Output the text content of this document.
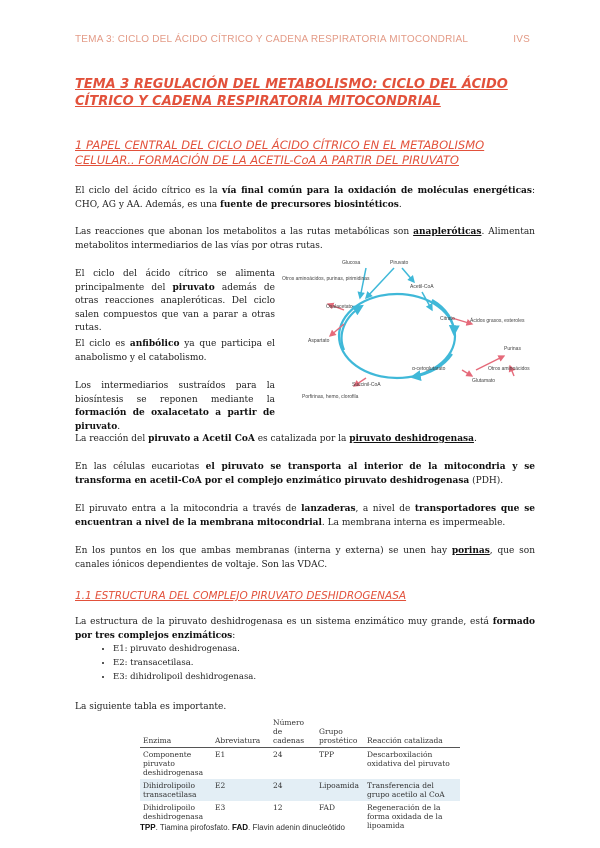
TEMA 3: CICLO DEL ÁCIDO CÍTRICO Y CADENA RESPIRATORIA MITOCONDRIAL	IVS
TEMA 3 REGULACIÓN DEL METABOLISMO: CICLO DEL ÁCIDO CÍTRICO Y CADENA RESPIRATORIA MITOCONDRIAL
1 PAPEL CENTRAL DEL CICLO DEL ÁCIDO CÍTRICO EN EL METABOLISMO CELULAR.. FORMACIÓN DE LA ACETIL-CoA A PARTIR DEL PIRUVATO
El ciclo del ácido cítrico es la vía final común para la oxidación de moléculas energéticas: CHO, AG y AA. Además, es una fuente de precursores biosintéticos.
Las reacciones que abonan los metabolitos a las rutas metabólicas son anapleróticas. Alimentan metabolitos intermediarios de las vías por otras rutas.
El ciclo del ácido cítrico se alimenta principalmente del piruvato además de otras reacciones anapleróticas. Del ciclo salen compuestos que van a parar a otras rutas.
El ciclo es anfibólico ya que participa el anabolismo y el catabolismo.
Los intermediarios sustraídos para la biosíntesis se reponen mediante la formación de oxalacetato a partir de piruvato.
Glucosa	Piruvato
Acetil-CoA
Otros aminoácidos, purinas, pirimidinas
Oxalacetato
Aspartato
Citrato	Ácidos grasos, esteroles
α-cetoglutarato
Glutamato
Purinas
Otros aminoácidos
Succinil-CoA
Porfirinas, hemo, clorofila
La reacción del piruvato a Acetil CoA es catalizada por la piruvato deshidrogenasa.
En las células eucariotas el piruvato se transporta al interior de la mitocondria y se transforma en acetil-CoA por el complejo enzimático piruvato deshidrogenasa (PDH).
El piruvato entra a la mitocondria a través de lanzaderas, a nivel de transportadores que se encuentran a nivel de la membrana mitocondrial. La membrana interna es impermeable.
En los puntos en los que ambas membranas (interna y externa) se unen hay porinas, que son canales iónicos dependientes de voltaje. Son las VDAC.
1.1 ESTRUCTURA DEL COMPLEJO PIRUVATO DESHIDROGENASA
La estructura de la piruvato deshidrogenasa es un sistema enzimático muy grande, está formado por tres complejos enzimáticos:
• E1: piruvato deshidrogenasa.
• E2: transacetilasa.
• E3: dihidrolipoil deshidrogenasa.
La siguiente tabla es importante.
Enzima	Abreviatura	Número de cadenas	Grupo prostético	Reacción catalizada
Componente piruvato deshidrogenasa	E1	24	TPP	Descarboxilación oxidativa del piruvato
Dihidrolipoilo transacetilasa	E2	24	Lipoamida	Transferencia del grupo acetilo al CoA
Dihidrolipoilo deshidrogenasa	E3	12	FAD	Regeneración de la forma oxidada de la lipoamida
TPP. Tiamina pirofosfato. FAD. Flavin adenin dinucleótido
